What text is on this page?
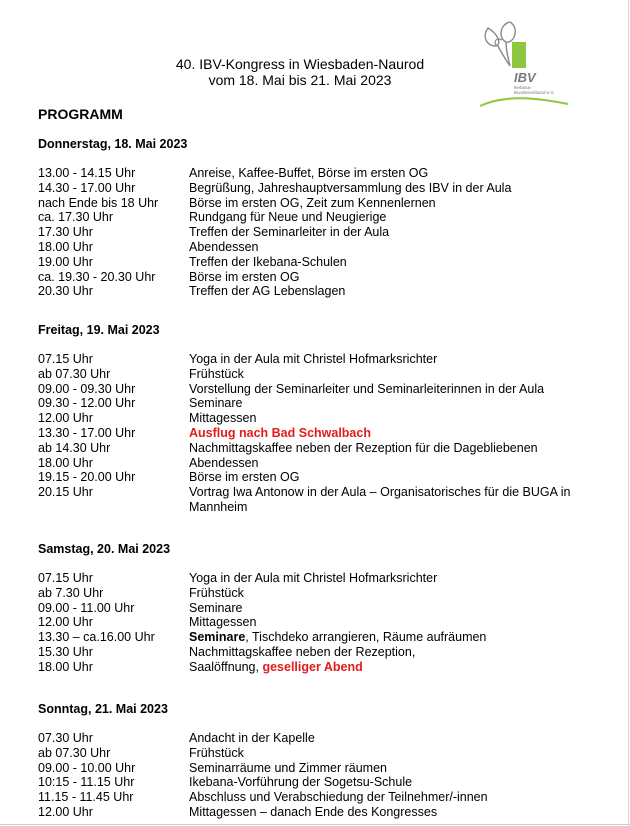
40. IBV-Kongress in Wiesbaden-Naurod
vom 18. Mai bis 21. Mai 2023	IBV
Ikebana-
Bundesverband e.V.
PROGRAMM
Donnerstag, 18. Mai 2023
13.00 - 14.15 Uhr	Anreise, Kaffee-Buffet, Börse im ersten OG
14.30 - 17.00 Uhr	Begrüßung, Jahreshauptversammlung des IBV in der Aula
nach Ende bis 18 Uhr	Börse im ersten OG, Zeit zum Kennenlernen
ca. 17.30 Uhr	Rundgang für Neue und Neugierige
17.30 Uhr	Treffen der Seminarleiter in der Aula
18.00 Uhr	Abendessen
19.00 Uhr	Treffen der Ikebana-Schulen
ca. 19.30 - 20.30 Uhr	Börse im ersten OG
20.30 Uhr	Treffen der AG Lebenslagen
Freitag, 19. Mai 2023
07.15 Uhr	Yoga in der Aula mit Christel Hofmarksrichter
ab 07.30 Uhr	Frühstück
09.00 - 09.30 Uhr	Vorstellung der Seminarleiter und Seminarleiterinnen in der Aula
09.30 - 12.00 Uhr	Seminare
12.00 Uhr	Mittagessen
13.30 - 17.00 Uhr	Ausflug nach Bad Schwalbach
ab 14.30 Uhr	Nachmittagskaffee neben der Rezeption für die Dagebliebenen
18.00 Uhr	Abendessen
19.15 - 20.00 Uhr	Börse im ersten OG
20.15 Uhr	Vortrag Iwa Antonow in der Aula – Organisatorisches für die BUGA in Mannheim
Samstag, 20. Mai 2023
07.15 Uhr	Yoga in der Aula mit Christel Hofmarksrichter
ab 7.30 Uhr	Frühstück
09.00 - 11.00 Uhr	Seminare
12.00 Uhr	Mittagessen
13.30 – ca.16.00 Uhr	Seminare, Tischdeko arrangieren, Räume aufräumen
15.30 Uhr	Nachmittagskaffee neben der Rezeption,
18.00 Uhr	Saalöffnung, geselliger Abend
Sonntag, 21. Mai 2023
07.30 Uhr	Andacht in der Kapelle
ab 07.30 Uhr	Frühstück
09.00 - 10.00 Uhr	Seminarräume und Zimmer räumen
10:15 - 11.15 Uhr	Ikebana-Vorführung der Sogetsu-Schule
11.15 - 11.45 Uhr	Abschluss und Verabschiedung der Teilnehmer/-innen
12.00 Uhr	Mittagessen – danach Ende des Kongresses
